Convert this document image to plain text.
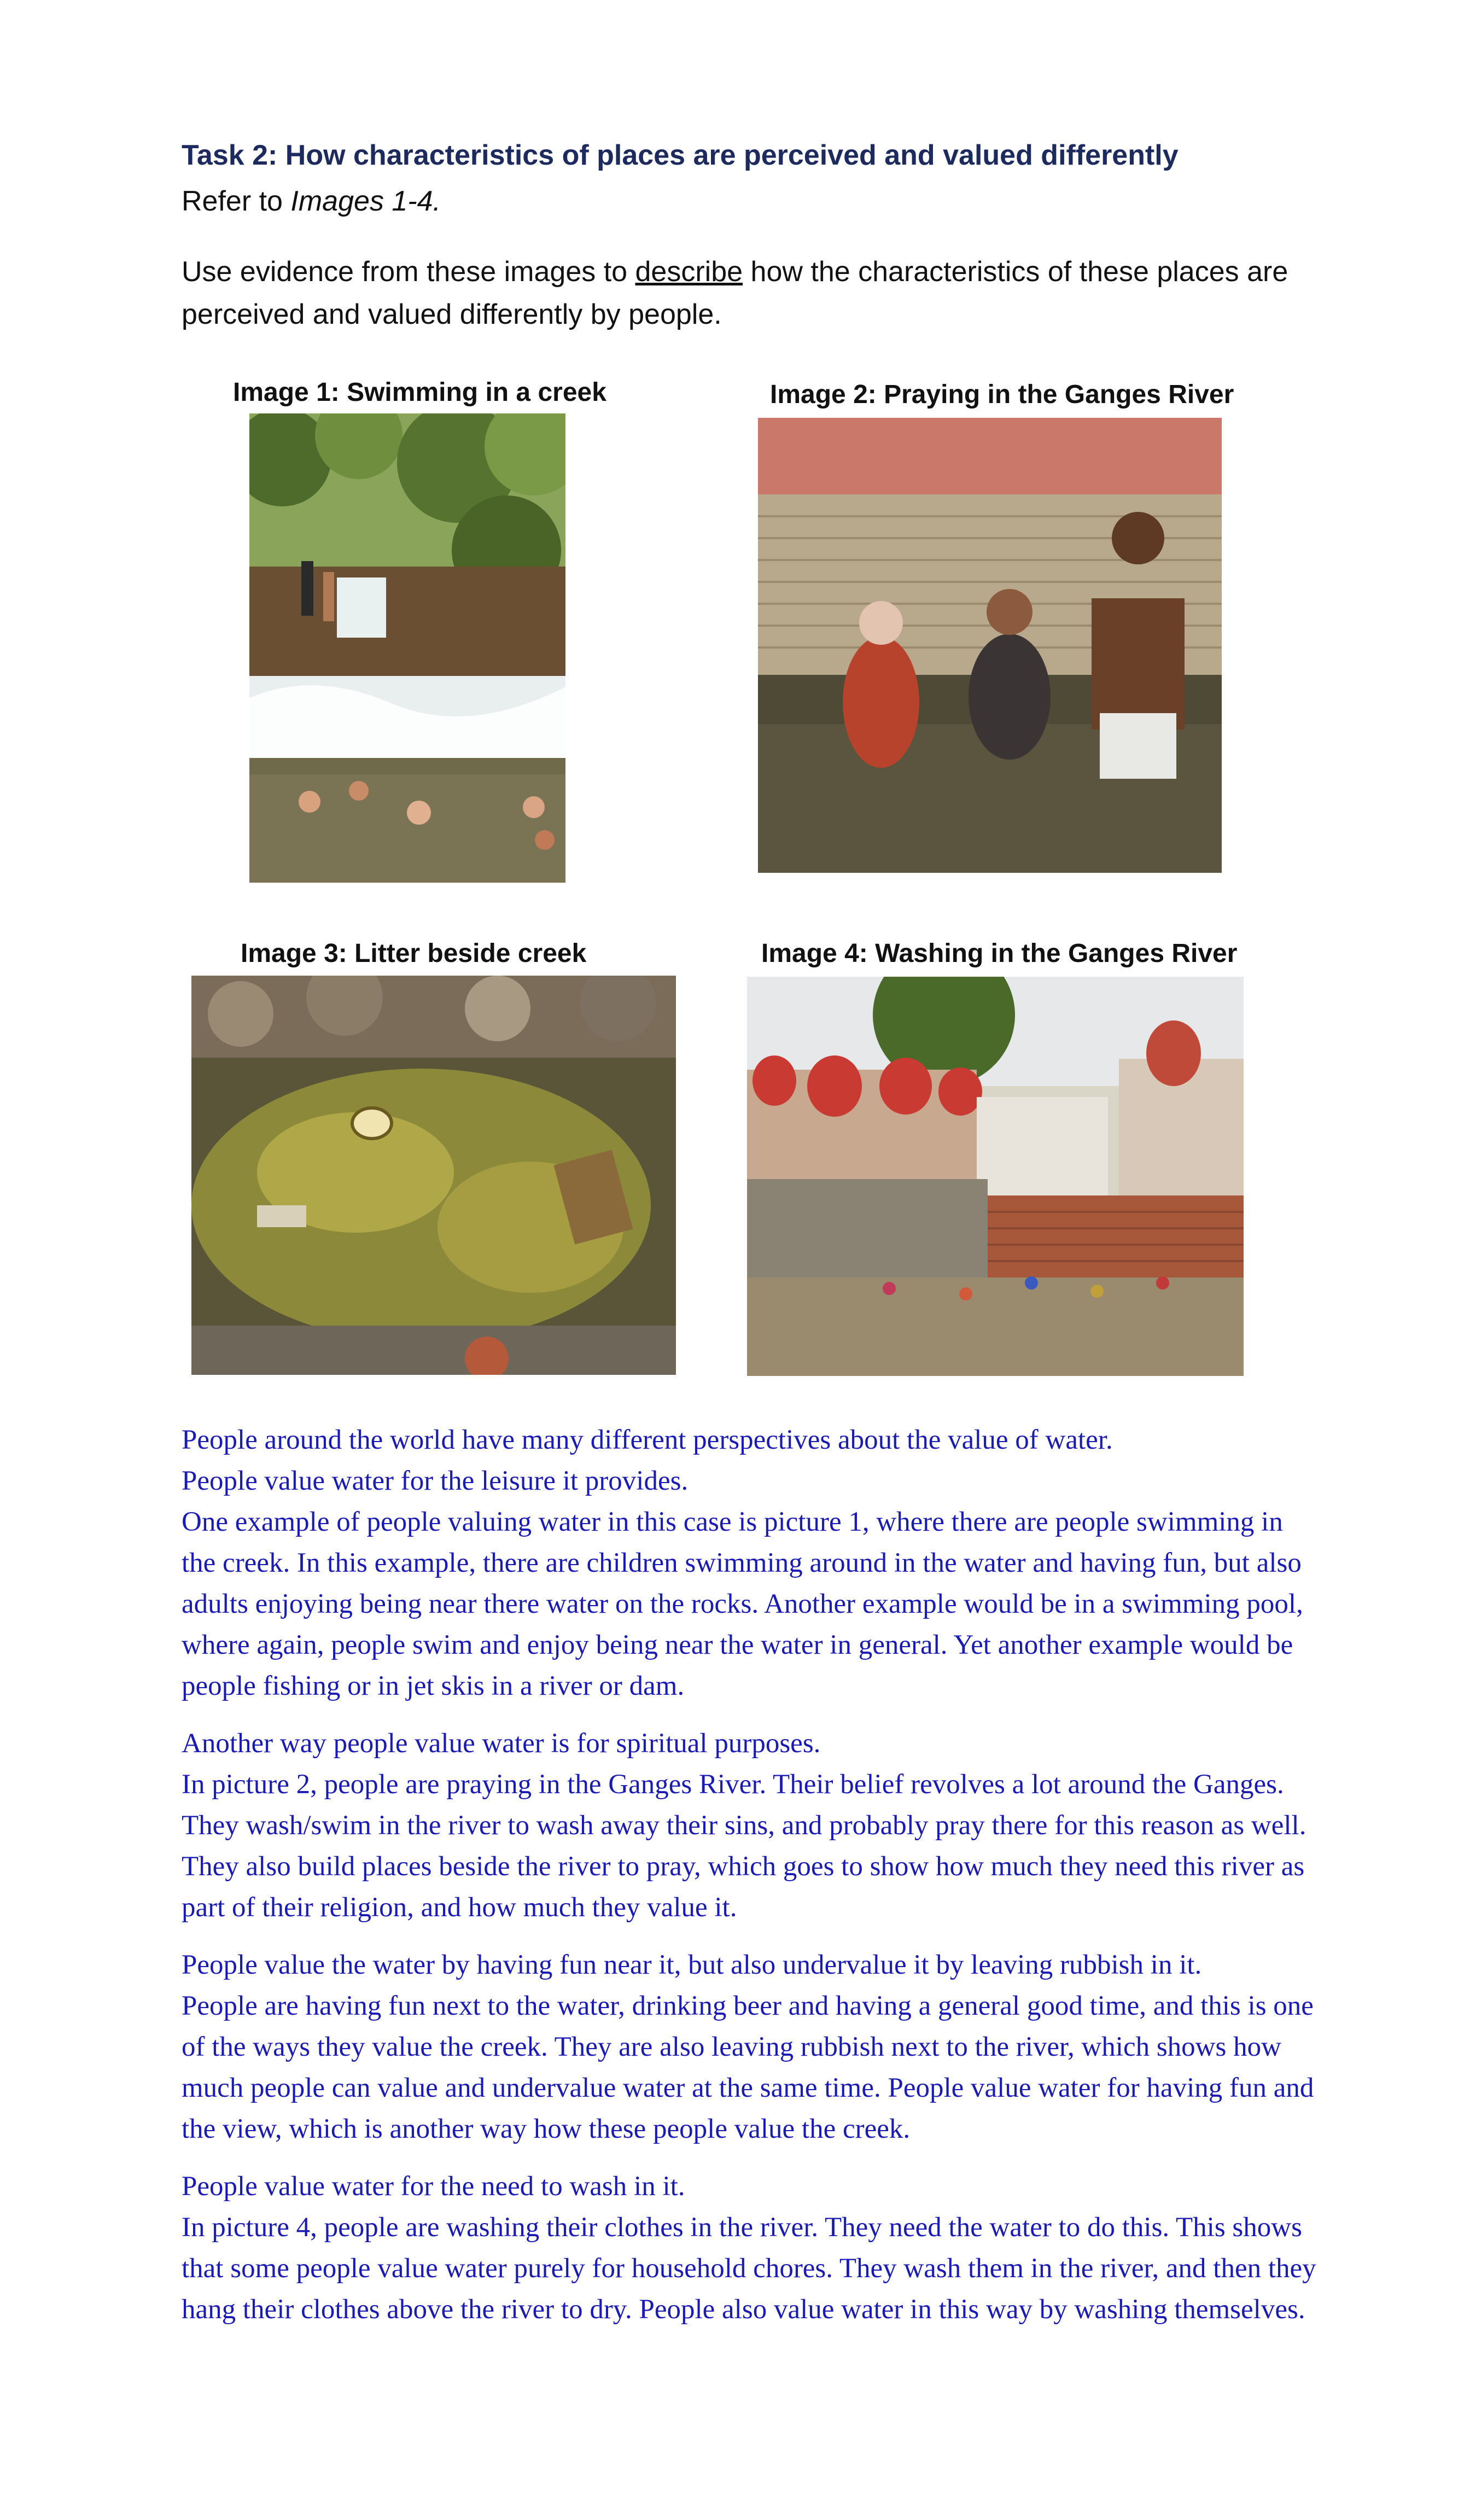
Task 2: How characteristics of places are perceived and valued differently
Refer to Images 1-4.
Use evidence from these images to describe how the characteristics of these places are perceived and valued differently by people.
Image 1: Swimming in a creek	Image 2: Praying in the Ganges River
Image 3: Litter beside creek	Image 4: Washing in the Ganges River

People around the world have many different perspectives about the value of water.

People value water for the leisure it provides.

One example of people valuing water in this case is picture 1, where there are people swimming in the creek. In this example, there are children swimming around in the water and having fun, but also adults enjoying being near there water on the rocks. Another example would be in a swimming pool, where again, people swim and enjoy being near the water in general. Yet another example would be people fishing or in jet skis in a river or dam.

Another way people value water is for spiritual purposes.

In picture 2, people are praying in the Ganges River. Their belief revolves a lot around the Ganges. They wash/swim in the river to wash away their sins, and probably pray there for this reason as well. They also build places beside the river to pray, which goes to show how much they need this river as part of their religion, and how much they value it.

People value the water by having fun near it, but also undervalue it by leaving rubbish in it.

People are having fun next to the water, drinking beer and having a general good time, and this is one of the ways they value the creek. They are also leaving rubbish next to the river, which shows how much people can value and undervalue water at the same time. People value water for having fun and the view, which is another way how these people value the creek.

People value water for the need to wash in it.

In picture 4, people are washing their clothes in the river. They need the water to do this. This shows that some people value water purely for household chores. They wash them in the river, and then they hang their clothes above the river to dry. People also value water in this way by washing themselves.
